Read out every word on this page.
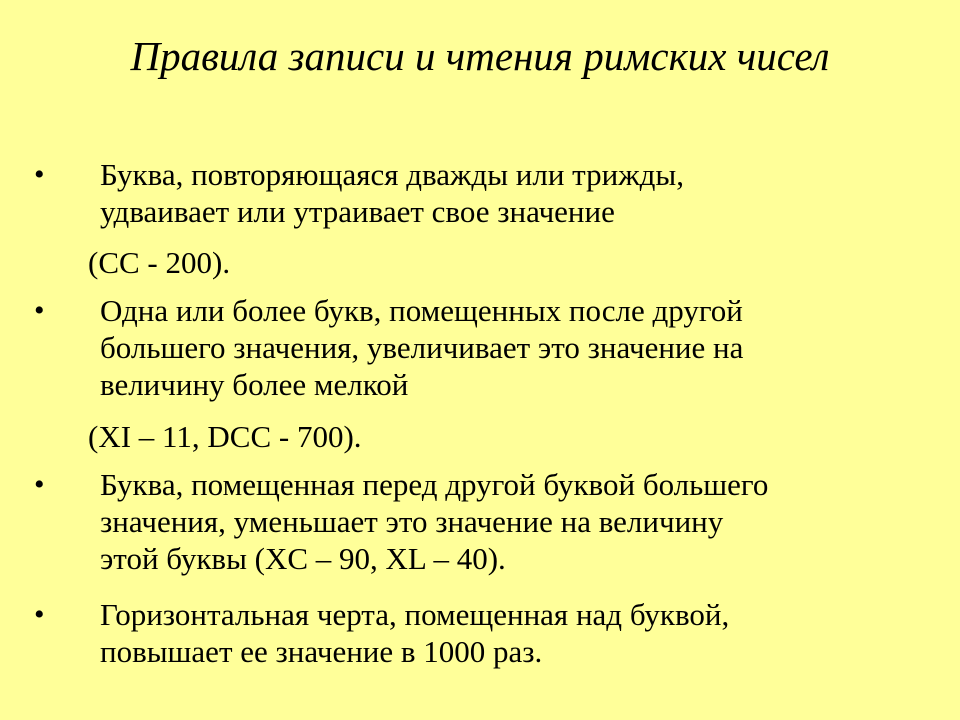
Правила записи и чтения римских чисел
• Буква, повторяющаяся дважды или трижды,
удваивает или утраивает свое значение
(СС - 200).
• Одна или более букв, помещенных после другой
большего значения, увеличивает это значение на
величину более мелкой
(XI – 11, DCC - 700).
• Буква, помещенная перед другой буквой большего
значения, уменьшает это значение на величину
этой буквы (XC – 90, XL – 40).
• Горизонтальная черта, помещенная над буквой,
повышает ее значение в 1000 раз.
